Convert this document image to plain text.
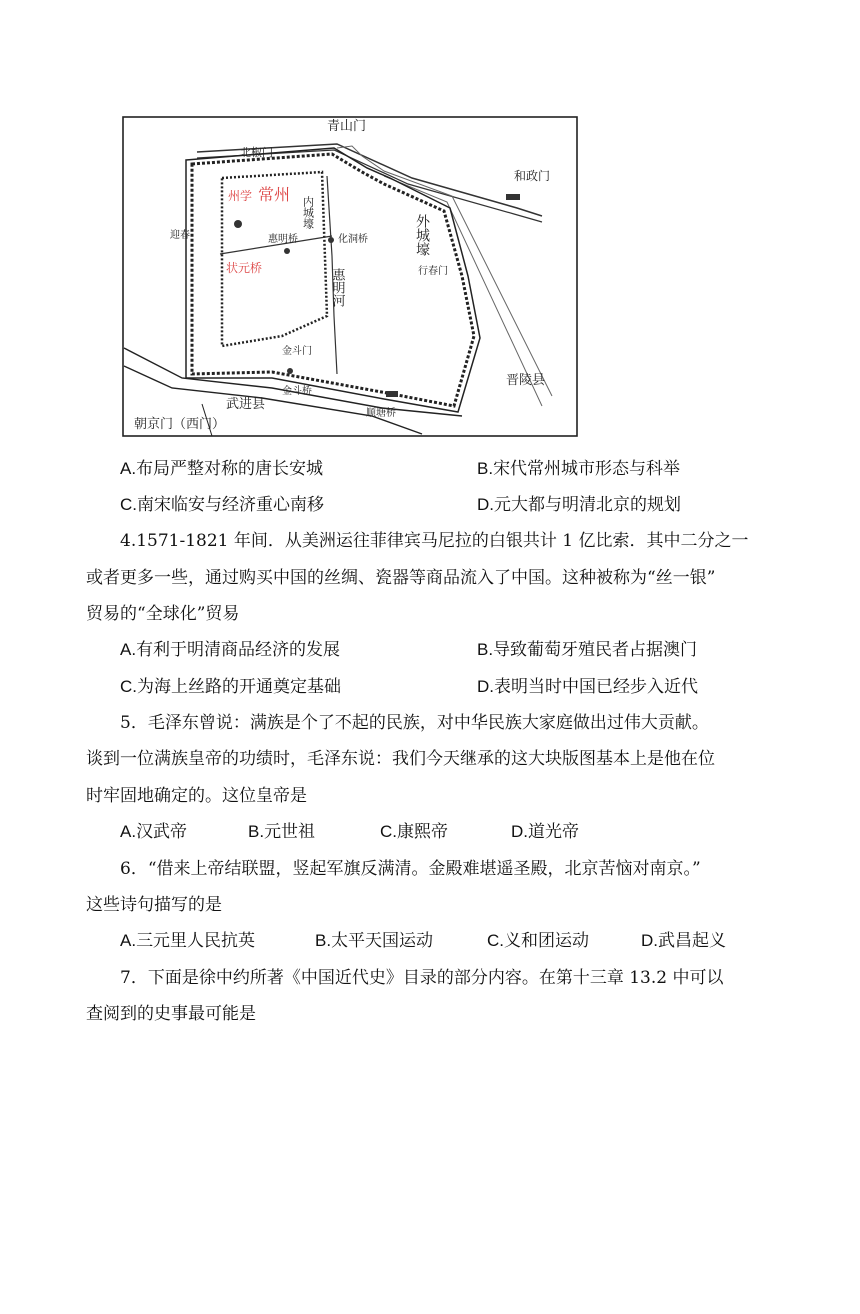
青山门
北椒门
和政门
州学 常州
内城壕
迎春	惠明桥	化洞桥
行春门
状元桥	惠明河
外城壕
金斗门
金斗桥
武进县
晋陵县
朝京门（西门）
顺塘桥
A.布局严整对称的唐长安城	B.宋代常州城市形态与科举
C.南宋临安与经济重心南移	D.元大都与明清北京的规划
4.1571-1821 年间．从美洲运往菲律宾马尼拉的白银共计 1 亿比索．其中二分之一
或者更多一些，通过购买中国的丝绸、瓷器等商品流入了中国。这种被称为“丝一银”
贸易的“全球化”贸易
A.有利于明清商品经济的发展	B.导致葡萄牙殖民者占据澳门
C.为海上丝路的开通奠定基础	D.表明当时中国已经步入近代
5．毛泽东曾说：满族是个了不起的民族，对中华民族大家庭做出过伟大贡献。
谈到一位满族皇帝的功绩时，毛泽东说：我们今天继承的这大块版图基本上是他在位
时牢固地确定的。这位皇帝是
A.汉武帝	B.元世祖	C.康熙帝	D.道光帝
6．“借来上帝结联盟，竖起军旗反满清。金殿难堪遥圣殿，北京苦恼对南京。”
这些诗句描写的是
A.三元里人民抗英	B.太平天国运动	C.义和团运动	D.武昌起义
7．下面是徐中约所著《中国近代史》目录的部分内容。在第十三章 13.2 中可以
查阅到的史事最可能是
